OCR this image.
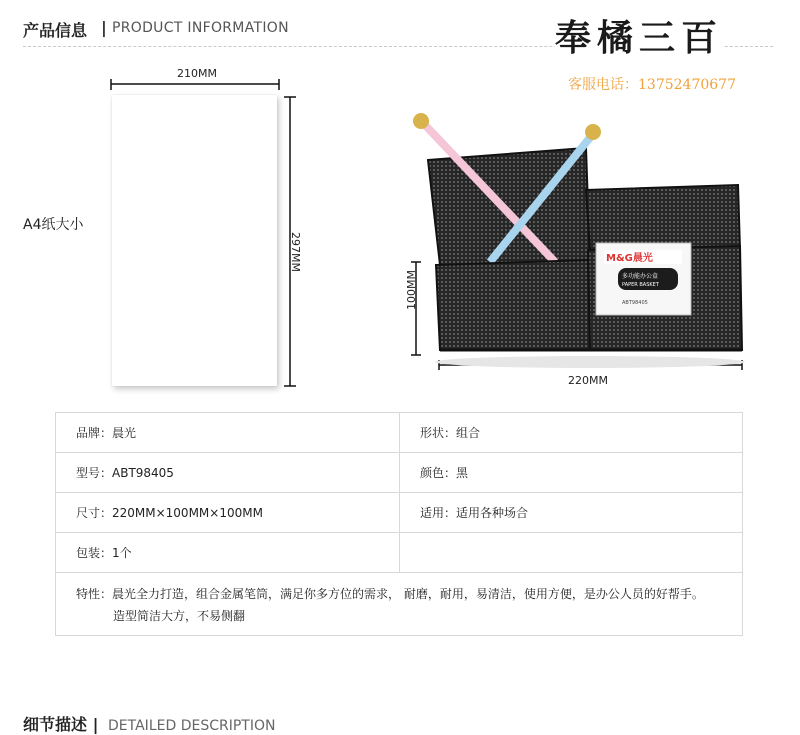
产品信息 | PRODUCT INFORMATION	奉橘三百
客服电话：13752470677
A4纸大小
210MM
297MM
100MM
220MM
M&G晨光
多功能办公盒
PAPER BASKET
ABT98405
品牌：晨光	形状：组合
型号：ABT98405	颜色：黑
尺寸：220MM×100MM×100MM	适用：适用各种场合
包装：1个	

特性：晨光全力打造，组合金属笔筒，满足你多方位的需求， 耐磨，耐用，易清洁，使用方便，是办公人员的好帮手。
造型简洁大方，不易侧翻	
细节描述 | DETAILED DESCRIPTION
